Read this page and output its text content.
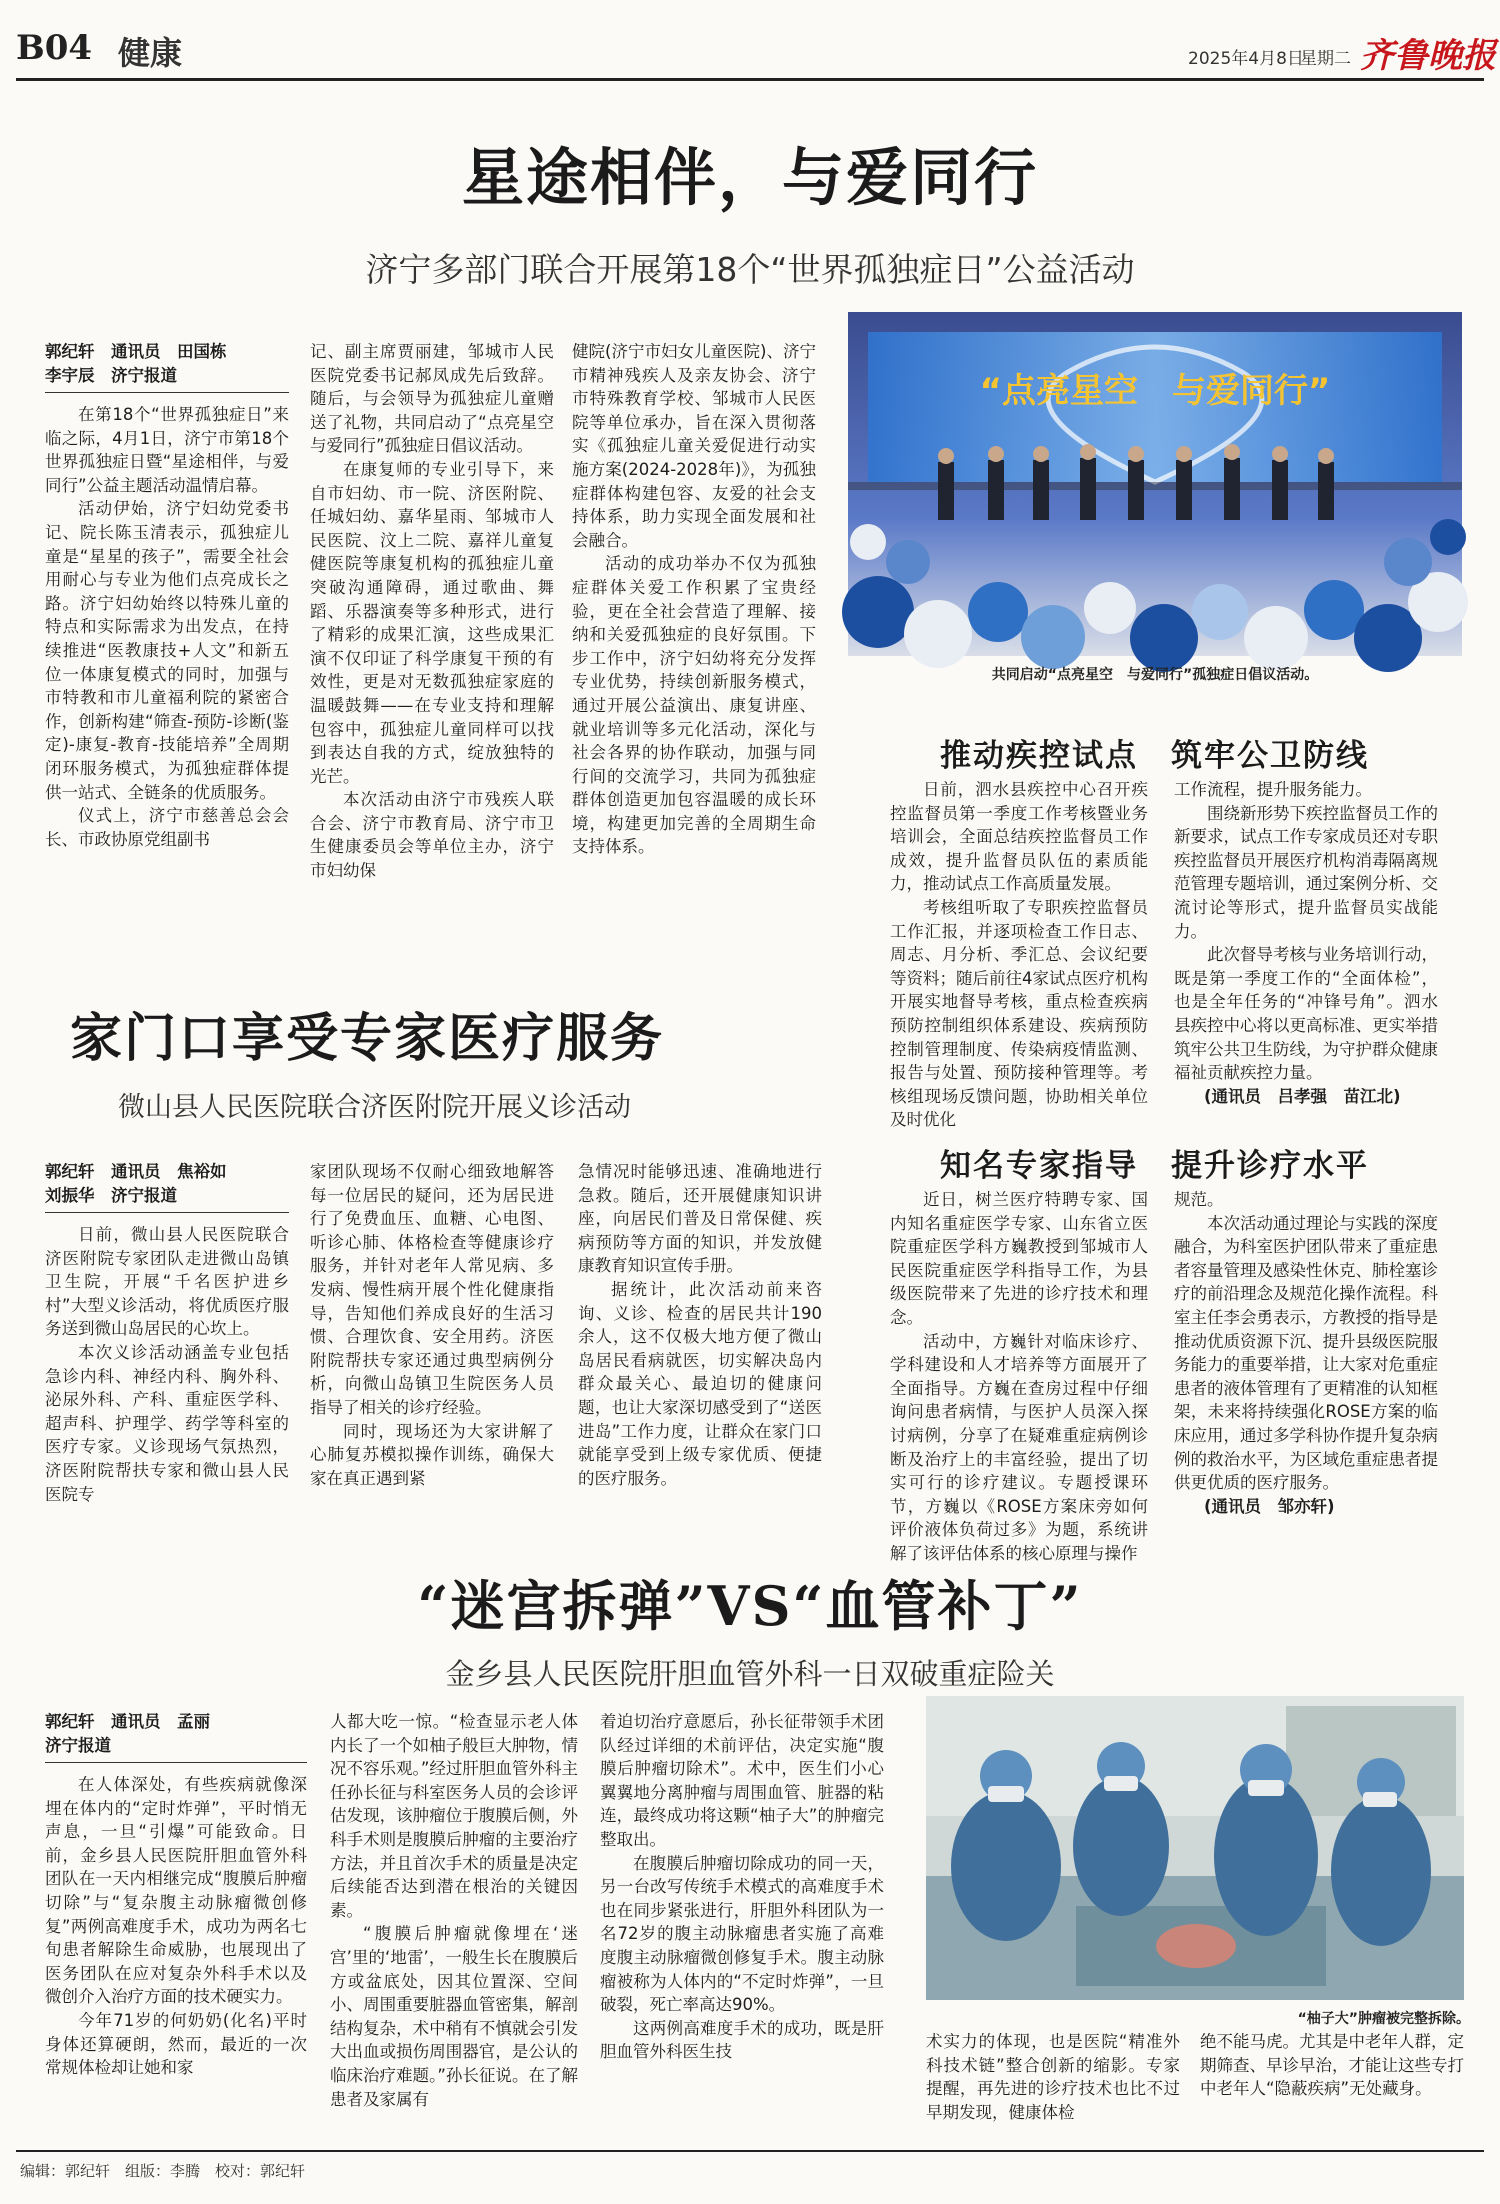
B04 健康	2025年4月8日
星期二 齐鲁晚报
星途相伴，与爱同行
济宁多部门联合开展第18个“世界孤独症日”公益活动
郭纪轩　通讯员　田国栋
李宇辰　济宁报道

在第18个“世界孤独症日”来临之际，4月1日，济宁市第18个世界孤独症日暨“星途相伴，与爱同行”公益主题活动温情启幕。

活动伊始，济宁妇幼党委书记、院长陈玉清表示，孤独症儿童是“星星的孩子”，需要全社会用耐心与专业为他们点亮成长之路。济宁妇幼始终以特殊儿童的特点和实际需求为出发点，在持续推进“医教康技+人文”和新五位一体康复模式的同时，加强与市特教和市儿童福利院的紧密合作，创新构建“筛查-预防-诊断(鉴定)-康复-教育-技能培养”全周期闭环服务模式，为孤独症群体提供一站式、全链条的优质服务。

仪式上，济宁市慈善总会会长、市政协原党组副书

记、副主席贾丽建，邹城市人民医院党委书记郝凤成先后致辞。随后，与会领导为孤独症儿童赠送了礼物，共同启动了“点亮星空　与爱同行”孤独症日倡议活动。

在康复师的专业引导下，来自市妇幼、市一院、济医附院、任城妇幼、嘉华星雨、邹城市人民医院、汶上二院、嘉祥儿童复健医院等康复机构的孤独症儿童突破沟通障碍，通过歌曲、舞蹈、乐器演奏等多种形式，进行了精彩的成果汇演，这些成果汇演不仅印证了科学康复干预的有效性，更是对无数孤独症家庭的温暖鼓舞——在专业支持和理解包容中，孤独症儿童同样可以找到表达自我的方式，绽放独特的光芒。

本次活动由济宁市残疾人联合会、济宁市教育局、济宁市卫生健康委员会等单位主办，济宁市妇幼保

健院(济宁市妇女儿童医院)、济宁市精神残疾人及亲友协会、济宁市特殊教育学校、邹城市人民医院等单位承办，旨在深入贯彻落实《孤独症儿童关爱促进行动实施方案(2024-2028年)》，为孤独症群体构建包容、友爱的社会支持体系，助力实现全面发展和社会融合。

活动的成功举办不仅为孤独症群体关爱工作积累了宝贵经验，更在全社会营造了理解、接纳和关爱孤独症的良好氛围。下步工作中，济宁妇幼将充分发挥专业优势，持续创新服务模式，通过开展公益演出、康复讲座、就业培训等多元化活动，深化与社会各界的协作联动，加强与同行间的交流学习，共同为孤独症群体创造更加包容温暖的成长环境，构建更加完善的全周期生命支持体系。

“点亮星空　与爱同行”
共同启动“点亮星空　与爱同行”孤独症日倡议活动。
推动疾控试点　筑牢公卫防线

日前，泗水县疾控中心召开疾控监督员第一季度工作考核暨业务培训会，全面总结疾控监督员工作成效，提升监督员队伍的素质能力，推动试点工作高质量发展。

考核组听取了专职疾控监督员工作汇报，并逐项检查工作日志、周志、月分析、季汇总、会议纪要等资料；随后前往4家试点医疗机构开展实地督导考核，重点检查疾病预防控制组织体系建设、疾病预防控制管理制度、传染病疫情监测、报告与处置、预防接种管理等。考核组现场反馈问题，协助相关单位及时优化

工作流程，提升服务能力。

围绕新形势下疾控监督员工作的新要求，试点工作专家成员还对专职疾控监督员开展医疗机构消毒隔离规范管理专题培训，通过案例分析、交流讨论等形式，提升监督员实战能力。

此次督导考核与业务培训行动，既是第一季度工作的“全面体检”，也是全年任务的“冲锋号角”。泗水县疾控中心将以更高标准、更实举措筑牢公共卫生防线，为守护群众健康福祉贡献疾控力量。

(通讯员　吕孝强　苗江北)

家门口享受专家医疗服务
微山县人民医院联合济医附院开展义诊活动
郭纪轩　通讯员　焦裕如
刘振华　济宁报道

日前，微山县人民医院联合济医附院专家团队走进微山岛镇卫生院，开展“千名医护进乡村”大型义诊活动，将优质医疗服务送到微山岛居民的心坎上。

本次义诊活动涵盖专业包括急诊内科、神经内科、胸外科、泌尿外科、产科、重症医学科、超声科、护理学、药学等科室的医疗专家。义诊现场气氛热烈，济医附院帮扶专家和微山县人民医院专

家团队现场不仅耐心细致地解答每一位居民的疑问，还为居民进行了免费血压、血糖、心电图、听诊心肺、体格检查等健康诊疗服务，并针对老年人常见病、多发病、慢性病开展个性化健康指导，告知他们养成良好的生活习惯、合理饮食、安全用药。济医附院帮扶专家还通过典型病例分析，向微山岛镇卫生院医务人员指导了相关的诊疗经验。

同时，现场还为大家讲解了心肺复苏模拟操作训练，确保大家在真正遇到紧

急情况时能够迅速、准确地进行急救。随后，还开展健康知识讲座，向居民们普及日常保健、疾病预防等方面的知识，并发放健康教育知识宣传手册。

据统计，此次活动前来咨询、义诊、检查的居民共计190余人，这不仅极大地方便了微山岛居民看病就医，切实解决岛内群众最关心、最迫切的健康问题，也让大家深切感受到了“送医进岛”工作力度，让群众在家门口就能享受到上级专家优质、便捷的医疗服务。

知名专家指导　提升诊疗水平

近日，树兰医疗特聘专家、国内知名重症医学专家、山东省立医院重症医学科方巍教授到邹城市人民医院重症医学科指导工作，为县级医院带来了先进的诊疗技术和理念。

活动中，方巍针对临床诊疗、学科建设和人才培养等方面展开了全面指导。方巍在查房过程中仔细询问患者病情，与医护人员深入探讨病例，分享了在疑难重症病例诊断及治疗上的丰富经验，提出了切实可行的诊疗建议。专题授课环节，方巍以《ROSE方案床旁如何评价液体负荷过多》为题，系统讲解了该评估体系的核心原理与操作

规范。

本次活动通过理论与实践的深度融合，为科室医护团队带来了重症患者容量管理及感染性休克、肺栓塞诊疗的前沿理念及规范化操作流程。科室主任李会勇表示，方教授的指导是推动优质资源下沉、提升县级医院服务能力的重要举措，让大家对危重症患者的液体管理有了更精准的认知框架，未来将持续强化ROSE方案的临床应用，通过多学科协作提升复杂病例的救治水平，为区域危重症患者提供更优质的医疗服务。

(通讯员　邹亦轩)

“迷宫拆弹”VS“血管补丁”
金乡县人民医院肝胆血管外科一日双破重症险关
郭纪轩　通讯员　孟丽
济宁报道

在人体深处，有些疾病就像深埋在体内的“定时炸弹”，平时悄无声息，一旦“引爆”可能致命。日前，金乡县人民医院肝胆血管外科团队在一天内相继完成“腹膜后肿瘤切除”与“复杂腹主动脉瘤微创修复”两例高难度手术，成功为两名七旬患者解除生命威胁，也展现出了医务团队在应对复杂外科手术以及微创介入治疗方面的技术硬实力。

今年71岁的何奶奶(化名)平时身体还算硬朗，然而，最近的一次常规体检却让她和家

人都大吃一惊。“检查显示老人体内长了一个如柚子般巨大肿物，情况不容乐观。”经过肝胆血管外科主任孙长征与科室医务人员的会诊评估发现，该肿瘤位于腹膜后侧，外科手术则是腹膜后肿瘤的主要治疗方法，并且首次手术的质量是决定后续能否达到潜在根治的关键因素。

“腹膜后肿瘤就像埋在‘迷宫’里的‘地雷’，一般生长在腹膜后方或盆底处，因其位置深、空间小、周围重要脏器血管密集，解剖结构复杂，术中稍有不慎就会引发大出血或损伤周围器官，是公认的临床治疗难题。”孙长征说。在了解患者及家属有

着迫切治疗意愿后，孙长征带领手术团队经过详细的术前评估，决定实施“腹膜后肿瘤切除术”。术中，医生们小心翼翼地分离肿瘤与周围血管、脏器的粘连，最终成功将这颗“柚子大”的肿瘤完整取出。

在腹膜后肿瘤切除成功的同一天，另一台改写传统手术模式的高难度手术也在同步紧张进行，肝胆外科团队为一名72岁的腹主动脉瘤患者实施了高难度腹主动脉瘤微创修复手术。腹主动脉瘤被称为人体内的“不定时炸弹”，一旦破裂，死亡率高达90%。

这两例高难度手术的成功，既是肝胆血管外科医生技

“柚子大”肿瘤被完整拆除。

术实力的体现，也是医院“精准外科技术链”整合创新的缩影。专家提醒，再先进的诊疗技术也比不过早期发现，健康体检

绝不能马虎。尤其是中老年人群，定期筛查、早诊早治，才能让这些专打中老年人“隐蔽疾病”无处藏身。

编辑：郭纪轩　组版：李腾　校对：郭纪轩
